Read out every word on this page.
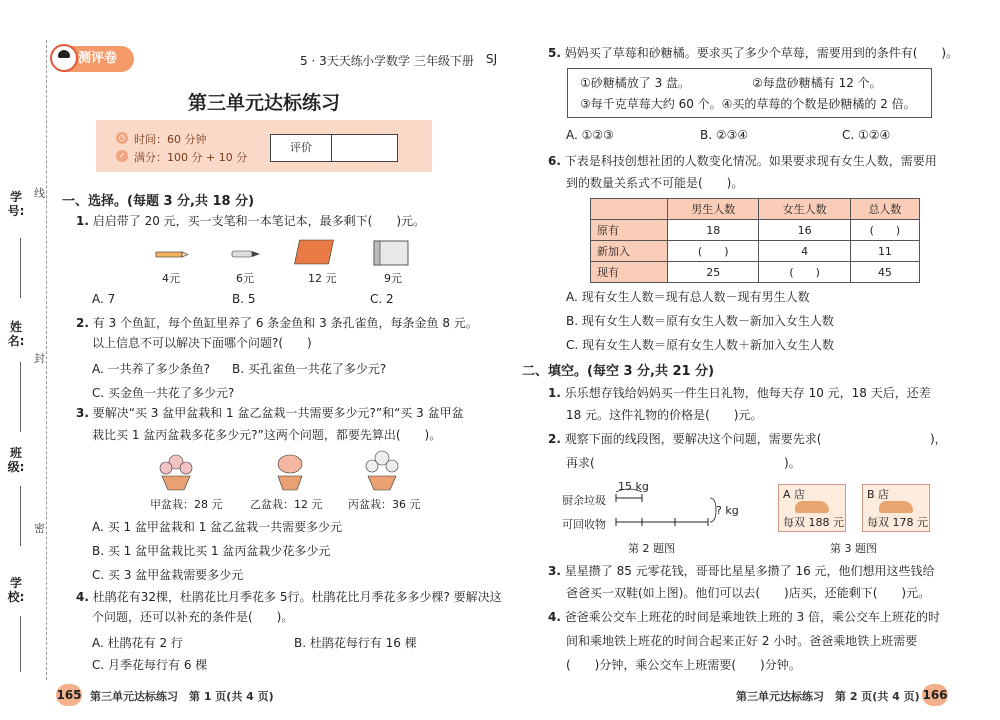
学号:
姓名:
班级:
学校:
线
封
密
测评卷	5 · 3天天练 小学数学 三年级下册 SJ
第三单元达标练习
◷ 时间：60 分钟
✓ 满分：100 分 + 10 分
评价
一、选择。(每题 3 分,共 18 分)
1. 启启带了 20 元，买一支笔和一本笔记本，最多剩下(　　)元。
4元	6元	12 元	9元
A. 7	B. 5	C. 2
2. 有 3 个鱼缸，每个鱼缸里养了 6 条金鱼和 3 条孔雀鱼，每条金鱼 8 元。
以上信息不可以解决下面哪个问题?(　　)
A. 一共养了多少条鱼? B. 买孔雀鱼一共花了多少元?
C. 买金鱼一共花了多少元?
3. 要解决“买 3 盆甲盆栽和 1 盆乙盆栽一共需要多少元?”和“买 3 盆甲盆
栽比买 1 盆丙盆栽多花多少元?”这两个问题，都要先算出(　　)。
甲盆栽：28 元	乙盆栽：12 元 丙盆栽：36 元
A. 买 1 盆甲盆栽和 1 盆乙盆栽一共需要多少元
B. 买 1 盆甲盆栽比买 1 盆丙盆栽少花多少元
C. 买 3 盆甲盆栽需要多少元
4. 杜鹃花有32棵，杜鹃花比月季花多 5行。杜鹃花比月季花多多少棵? 要解决这
个问题，还可以补充的条件是(　　)。
A. 杜鹃花有 2 行	B. 杜鹃花每行有 16 棵
C. 月季花每行有 6 棵
5. 妈妈买了草莓和砂糖橘。要求买了多少个草莓，需要用到的条件有(　　)。
①砂糖橘放了 3 盘。	②每盘砂糖橘有 12 个。
③每千克草莓大约 60 个。④买的草莓的个数是砂糖橘的 2 倍。
A. ①②③	B. ②③④	C. ①②④
6. 下表是科技创想社团的人数变化情况。如果要求现有女生人数，需要用
到的数量关系式不可能是(　　)。
	男生人数	女生人数	总人数
原有	18	16	(　　)
新加入	(　　)	4	11
现有	25	(　　)	45
A. 现有女生人数＝现有总人数－现有男生人数
B. 现有女生人数＝原有女生人数－新加入女生人数
C. 现有女生人数＝原有女生人数＋新加入女生人数
二、填空。(每空 3 分,共 21 分)
1. 乐乐想存钱给妈妈买一件生日礼物，他每天存 10 元，18 天后，还差
18 元。这件礼物的价格是(　　)元。
2. 观察下面的线段图，要解决这个问题，需要先求(	)，
再求(	)。
厨余垃圾
可回收物
15 kg
? kg
第 2 题图
A 店
每双 188 元
B 店
每双 178 元
第 3 题图
3. 星星攒了 85 元零花钱，哥哥比星星多攒了 16 元，他们想用这些钱给
爸爸买一双鞋(如上图)。他们可以去(　　)店买，还能剩下(　　)元。
4. 爸爸乘公交车上班花的时间是乘地铁上班的 3 倍，乘公交车上班花的时
间和乘地铁上班花的时间合起来正好 2 小时。爸爸乘地铁上班需要
(　　)分钟，乘公交车上班需要(　　)分钟。
165 第三单元达标练习　第 1 页(共 4 页)	第三单元达标练习　第 2 页(共 4 页) 166
